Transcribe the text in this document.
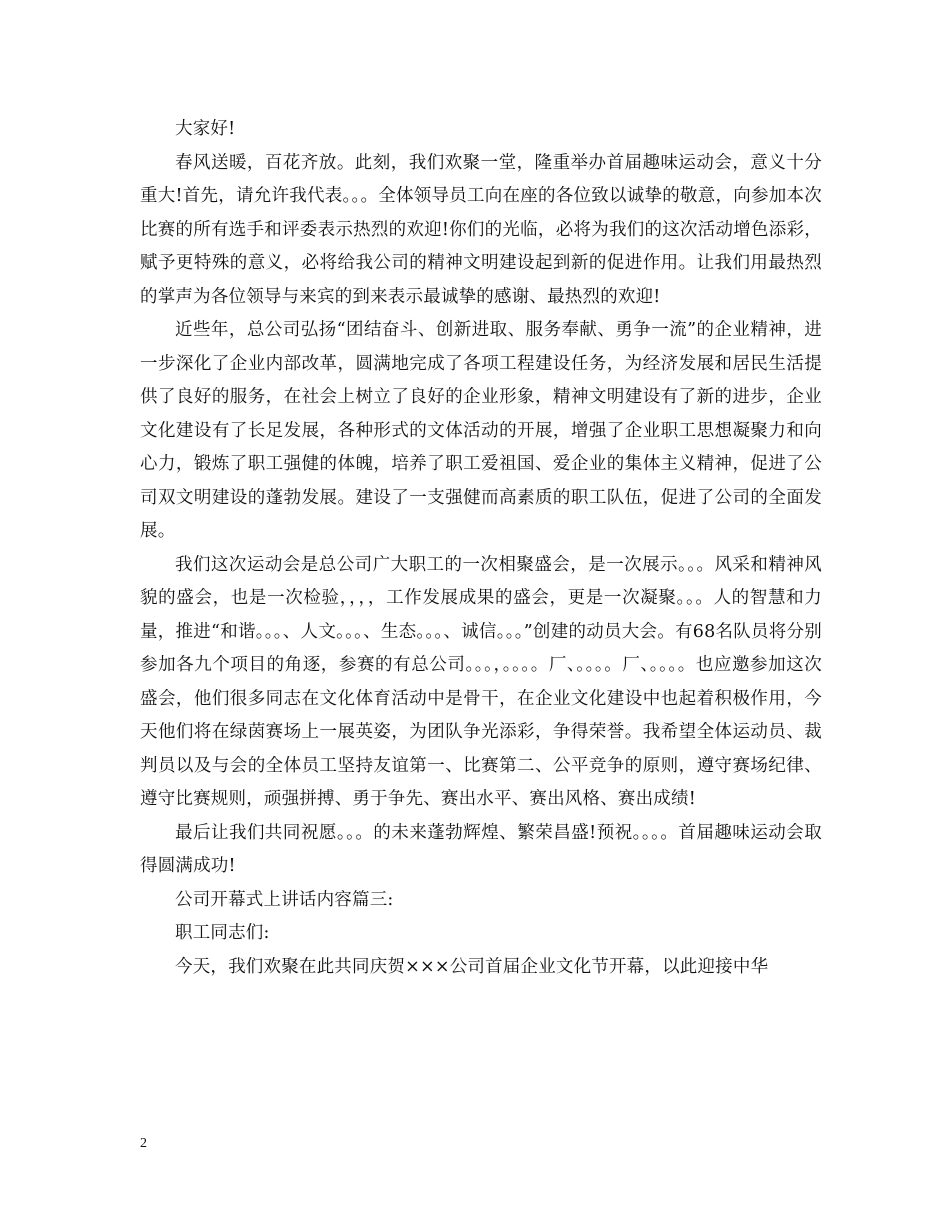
大家好!

春风送暖，百花齐放。此刻，我们欢聚一堂，隆重举办首届趣味运动会，意义十分重大!首先，请允许我代表。。。全体领导员工向在座的各位致以诚挚的敬意，向参加本次比赛的所有选手和评委表示热烈的欢迎!你们的光临，必将为我们的这次活动增色添彩，赋予更特殊的意义，必将给我公司的精神文明建设起到新的促进作用。让我们用最热烈的掌声为各位领导与来宾的到来表示最诚挚的感谢、最热烈的欢迎!

近些年，总公司弘扬“团结奋斗、创新进取、服务奉献、勇争一流”的企业精神，进一步深化了企业内部改革，圆满地完成了各项工程建设任务，为经济发展和居民生活提供了良好的服务，在社会上树立了良好的企业形象，精神文明建设有了新的进步，企业文化建设有了长足发展，各种形式的文体活动的开展，增强了企业职工思想凝聚力和向心力，锻炼了职工强健的体魄，培养了职工爱祖国、爱企业的集体主义精神，促进了公司双文明建设的蓬勃发展。建设了一支强健而高素质的职工队伍，促进了公司的全面发展。

我们这次运动会是总公司广大职工的一次相聚盛会，是一次展示。。。风采和精神风貌的盛会，也是一次检验，，，，工作发展成果的盛会，更是一次凝聚。。。人的智慧和力量，推进“和谐。。。、人文。。。、生态。。。、诚信。。。”创建的动员大会。有68名队员将分别参加各九个项目的角逐，参赛的有总公司。。。，。。。。厂、。。。。厂、。。。。也应邀参加这次盛会，他们很多同志在文化体育活动中是骨干，在企业文化建设中也起着积极作用，今天他们将在绿茵赛场上一展英姿，为团队争光添彩，争得荣誉。我希望全体运动员、裁判员以及与会的全体员工坚持友谊第一、比赛第二、公平竞争的原则，遵守赛场纪律、遵守比赛规则，顽强拼搏、勇于争先、赛出水平、赛出风格、赛出成绩!

最后让我们共同祝愿。。。的未来蓬勃辉煌、繁荣昌盛!预祝。。。。首届趣味运动会取得圆满成功!

公司开幕式上讲话内容篇三:

职工同志们:

今天，我们欢聚在此共同庆贺×××公司首届企业文化节开幕，以此迎接中华

2
